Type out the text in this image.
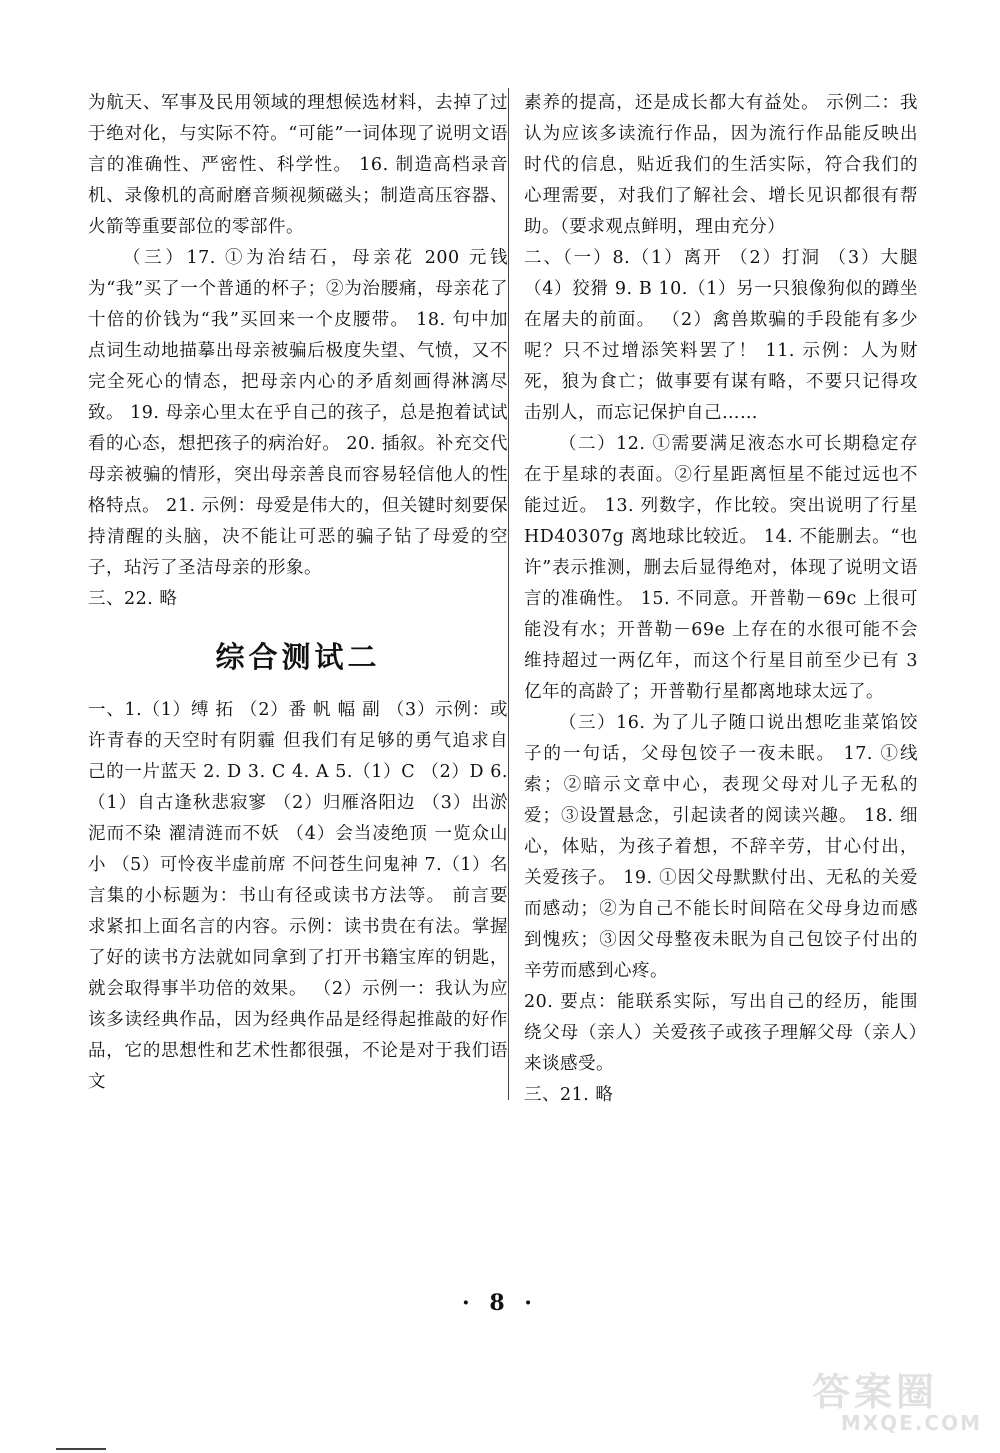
为航天、军事及民用领域的理想候选材料，去掉了过于绝对化，与实际不符。“可能”一词体现了说明文语言的准确性、严密性、科学性。 16. 制造高档录音机、录像机的高耐磨音频视频磁头；制造高压容器、火箭等重要部位的零部件。

（三）17. ①为治结石，母亲花 200 元钱为“我”买了一个普通的杯子；②为治腰痛，母亲花了十倍的价钱为“我”买回来一个皮腰带。 18. 句中加点词生动地描摹出母亲被骗后极度失望、气愤，又不完全死心的情态，把母亲内心的矛盾刻画得淋漓尽致。 19. 母亲心里太在乎自己的孩子，总是抱着试试看的心态，想把孩子的病治好。 20. 插叙。补充交代母亲被骗的情形，突出母亲善良而容易轻信他人的性格特点。 21. 示例：母爱是伟大的，但关键时刻要保持清醒的头脑，决不能让可恶的骗子钻了母爱的空子，玷污了圣洁母亲的形象。

三、22. 略

综合测试二

一、1.（1）缚 拓 （2）番 帆 幅 副 （3）示例：或许青春的天空时有阴霾 但我们有足够的勇气追求自己的一片蓝天 2. D 3. C 4. A 5.（1）C （2）D 6.（1）自古逢秋悲寂寥 （2）归雁洛阳边 （3）出淤泥而不染 濯清涟而不妖 （4）会当凌绝顶 一览众山小 （5）可怜夜半虚前席 不问苍生问鬼神 7.（1）名言集的小标题为：书山有径或读书方法等。 前言要求紧扣上面名言的内容。示例：读书贵在有法。掌握了好的读书方法就如同拿到了打开书籍宝库的钥匙，就会取得事半功倍的效果。 （2）示例一：我认为应该多读经典作品，因为经典作品是经得起推敲的好作品，它的思想性和艺术性都很强，不论是对于我们语文

素养的提高，还是成长都大有益处。 示例二：我认为应该多读流行作品，因为流行作品能反映出时代的信息，贴近我们的生活实际，符合我们的心理需要，对我们了解社会、增长见识都很有帮助。（要求观点鲜明，理由充分）

二、（一）8.（1）离开 （2）打洞 （3）大腿 （4）狡猾 9. B 10.（1）另一只狼像狗似的蹲坐在屠夫的前面。 （2）禽兽欺骗的手段能有多少呢？只不过增添笑料罢了！ 11. 示例：人为财死，狼为食亡；做事要有谋有略，不要只记得攻击别人，而忘记保护自己……

（二）12. ①需要满足液态水可长期稳定存在于星球的表面。②行星距离恒星不能过远也不能过近。 13. 列数字，作比较。突出说明了行星 HD40307g 离地球比较近。 14. 不能删去。“也许”表示推测，删去后显得绝对，体现了说明文语言的准确性。 15. 不同意。开普勒－69c 上很可能没有水；开普勒－69e 上存在的水很可能不会维持超过一两亿年，而这个行星目前至少已有 3 亿年的高龄了；开普勒行星都离地球太远了。

（三）16. 为了儿子随口说出想吃韭菜馅饺子的一句话，父母包饺子一夜未眠。 17. ①线索；②暗示文章中心，表现父母对儿子无私的爱；③设置悬念，引起读者的阅读兴趣。 18. 细心，体贴，为孩子着想，不辞辛劳，甘心付出，关爱孩子。 19. ①因父母默默付出、无私的关爱而感动；②为自己不能长时间陪在父母身边而感到愧疚；③因父母整夜未眠为自己包饺子付出的辛劳而感到心疼。

20. 要点：能联系实际，写出自己的经历，能围绕父母（亲人）关爱孩子或孩子理解父母（亲人）来谈感受。

三、21. 略

· 8 ·
答案圈
MXQE.COM
